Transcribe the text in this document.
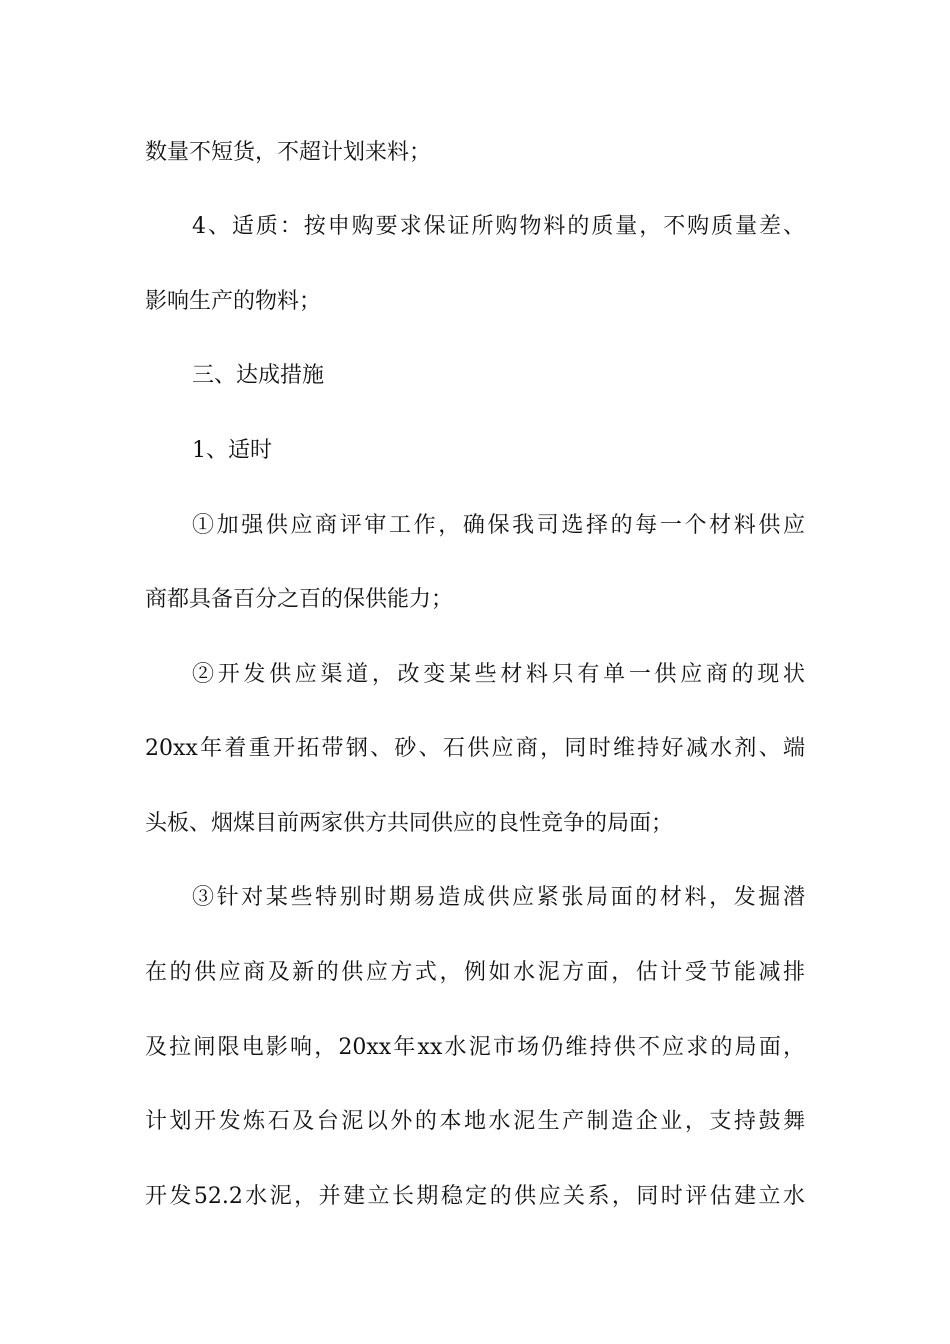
数量不短货，不超计划来料；

4、适质：按申购要求保证所购物料的质量，不购质量差、

影响生产的物料；

三、达成措施

1、适时

①加强供应商评审工作，确保我司选择的每一个材料供应

商都具备百分之百的保供能力；

②开发供应渠道，改变某些材料只有单一供应商的现状

20xx年着重开拓带钢、砂、石供应商，同时维持好减水剂、端

头板、烟煤目前两家供方共同供应的良性竞争的局面；

③针对某些特别时期易造成供应紧张局面的材料，发掘潜

在的供应商及新的供应方式，例如水泥方面，估计受节能减排

及拉闸限电影响，20xx年xx水泥市场仍维持供不应求的局面，

计划开发炼石及台泥以外的本地水泥生产制造企业，支持鼓舞

开发52.2水泥，并建立长期稳定的供应关系，同时评估建立水
